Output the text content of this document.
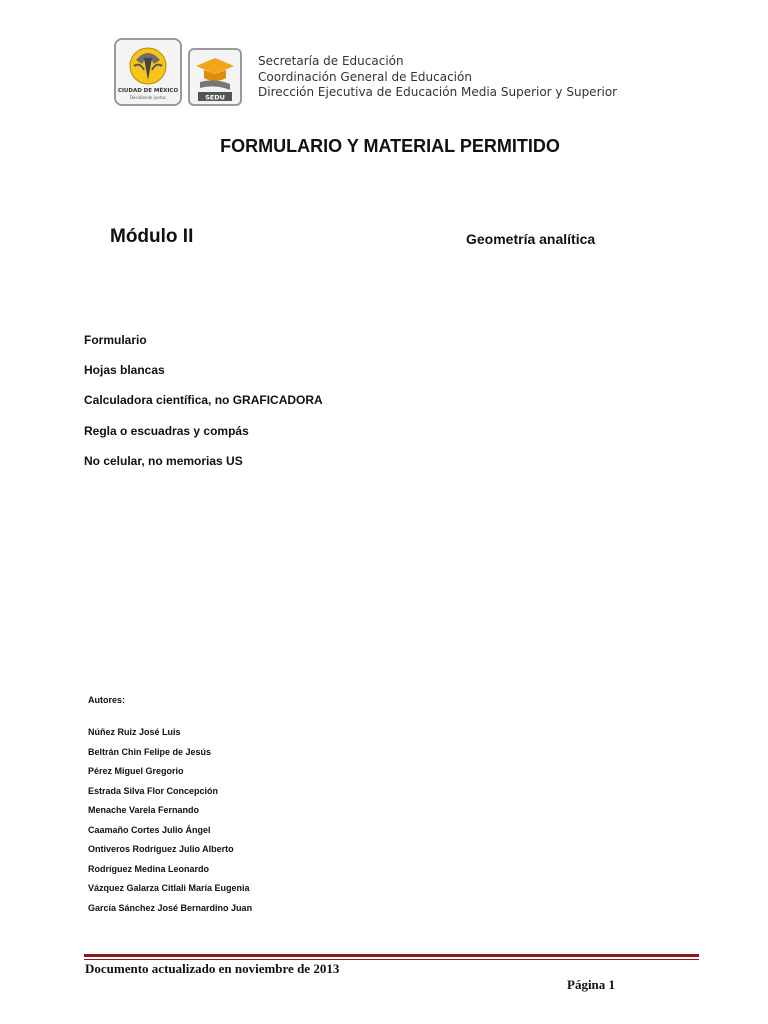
CIUDAD DE MÉXICO
Decidiendo juntos	SEDU
Secretaría de Educación
Coordinación General de Educación
Dirección Ejecutiva de Educación Media Superior y Superior
FORMULARIO Y MATERIAL PERMITIDO
Módulo II	Geometría analítica
Formulario
Hojas blancas
Calculadora científica, no GRAFICADORA
Regla o escuadras y compás
No celular, no memorias US
Autores:
Núñez Ruiz José Luis
Beltrán Chin Felipe de Jesús
Pérez Miguel Gregorio
Estrada Silva Flor Concepción
Menache Varela Fernando
Caamaño Cortes Julio Ángel
Ontiveros Rodríguez Julio Alberto
Rodríguez Medina Leonardo
Vázquez Galarza Citlali María Eugenia
García Sánchez José Bernardino Juan
Documento actualizado en noviembre de 2013
Página 1
